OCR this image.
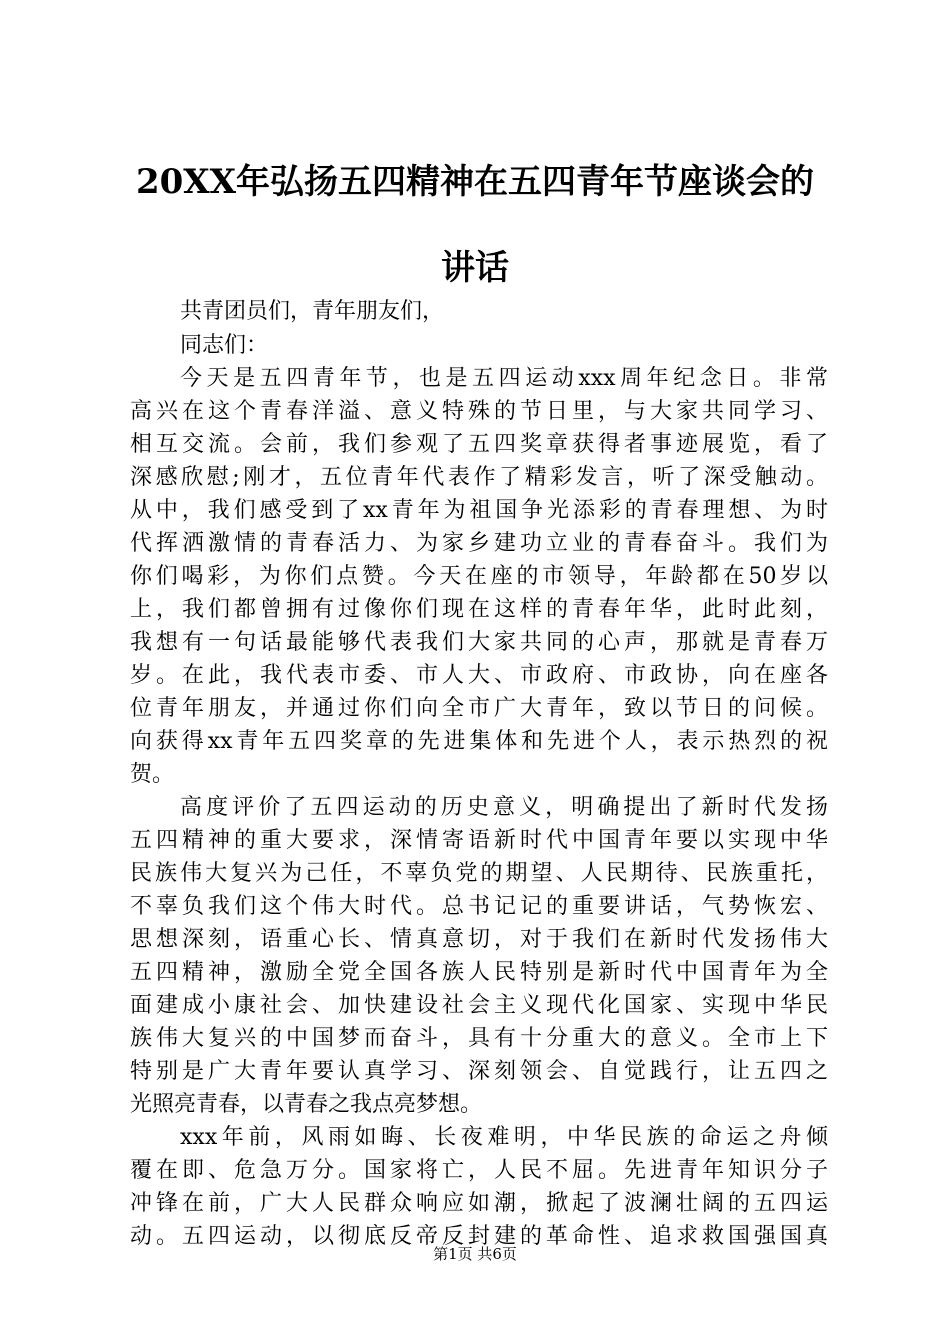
20XX年弘扬五四精神在五四青年节座谈会的
讲话

共青团员们，青年朋友们，

同志们：

今天是五四青年节，也是五四运动xxx周年纪念日。非常

高兴在这个青春洋溢、意义特殊的节日里，与大家共同学习、

相互交流。会前，我们参观了五四奖章获得者事迹展览，看了

深感欣慰;刚才，五位青年代表作了精彩发言，听了深受触动。

从中，我们感受到了xx青年为祖国争光添彩的青春理想、为时

代挥洒激情的青春活力、为家乡建功立业的青春奋斗。我们为

你们喝彩，为你们点赞。今天在座的市领导，年龄都在50岁以

上，我们都曾拥有过像你们现在这样的青春年华，此时此刻，

我想有一句话最能够代表我们大家共同的心声，那就是青春万

岁。在此，我代表市委、市人大、市政府、市政协，向在座各

位青年朋友，并通过你们向全市广大青年，致以节日的问候。

向获得xx青年五四奖章的先进集体和先进个人，表示热烈的祝

贺。

高度评价了五四运动的历史意义，明确提出了新时代发扬

五四精神的重大要求，深情寄语新时代中国青年要以实现中华

民族伟大复兴为己任，不辜负党的期望、人民期待、民族重托，

不辜负我们这个伟大时代。总书记记的重要讲话，气势恢宏、

思想深刻，语重心长、情真意切，对于我们在新时代发扬伟大

五四精神，激励全党全国各族人民特别是新时代中国青年为全

面建成小康社会、加快建设社会主义现代化国家、实现中华民

族伟大复兴的中国梦而奋斗，具有十分重大的意义。全市上下

特别是广大青年要认真学习、深刻领会、自觉践行，让五四之

光照亮青春，以青春之我点亮梦想。

xxx年前，风雨如晦、长夜难明，中华民族的命运之舟倾

覆在即、危急万分。国家将亡，人民不屈。先进青年知识分子

冲锋在前，广大人民群众响应如潮，掀起了波澜壮阔的五四运

动。五四运动，以彻底反帝反封建的革命性、追求救国强国真

第1页 共6页
